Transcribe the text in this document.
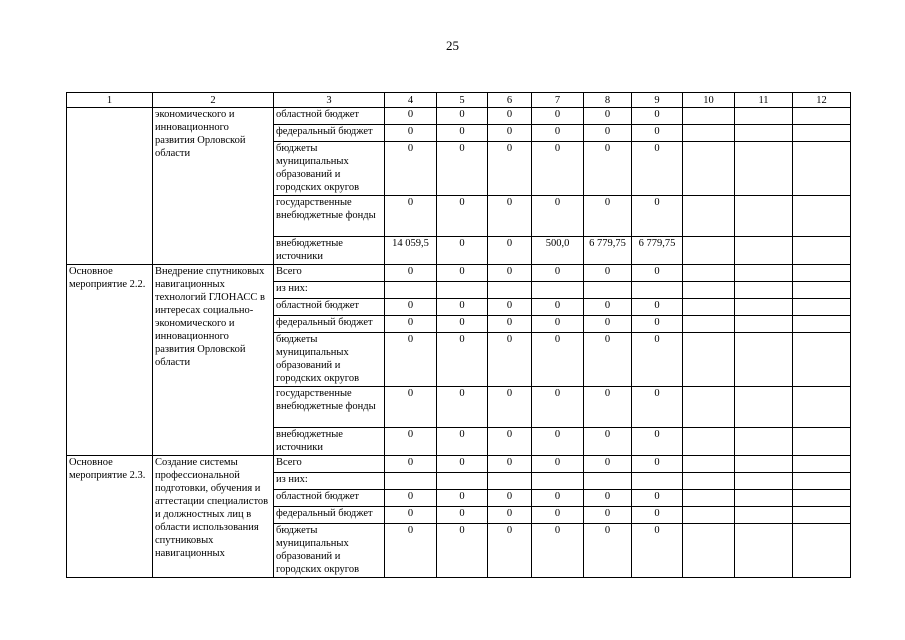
25
1	2	3	4	5	6	7	8	9	10	11	12
	экономического и инновационного развития Орловской области	областной бюджет	0	0	0	0	0	0			
		федеральный бюджет	0	0	0	0	0	0			
		бюджеты муниципальных образований и городских округов	0	0	0	0	0	0			
		государственные внебюджетные фонды	0	0	0	0	0	0			
		внебюджетные источники	14 059,5	0	0	500,0	6 779,75	6 779,75			
Основное мероприятие 2.2.	Внедрение спутниковых навигационных технологий ГЛОНАСС в интересах социально-экономического и инновационного развития Орловской области	Всего	0	0	0	0	0	0			
		из них:									
		областной бюджет	0	0	0	0	0	0			
		федеральный бюджет	0	0	0	0	0	0			
		бюджеты муниципальных образований и городских округов	0	0	0	0	0	0			
		государственные внебюджетные фонды	0	0	0	0	0	0			
		внебюджетные источники	0	0	0	0	0	0			
Основное мероприятие 2.3.	Создание системы профессиональной подготовки, обучения и аттестации специалистов и должностных лиц в области использования спутниковых навигационных	Всего	0	0	0	0	0	0			
		из них:									
		областной бюджет	0	0	0	0	0	0			
		федеральный бюджет	0	0	0	0	0	0			
		бюджеты муниципальных образований и городских округов	0	0	0	0	0	0			
